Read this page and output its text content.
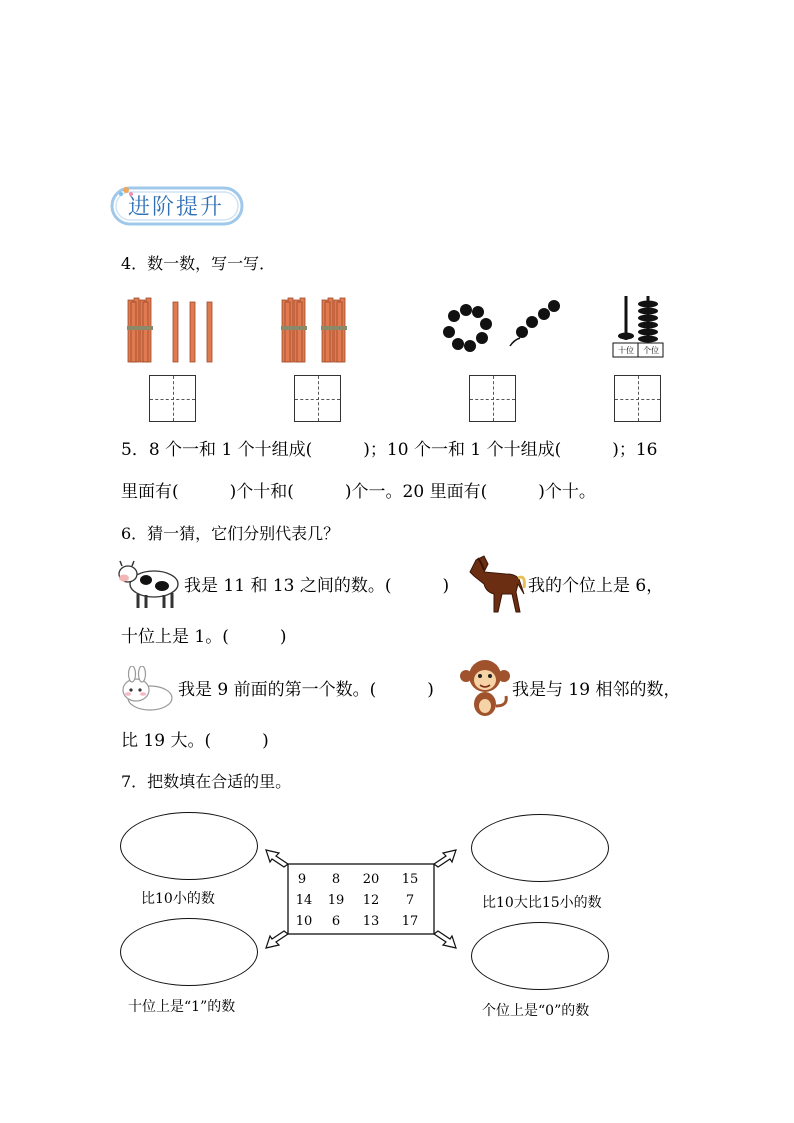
进阶提升
4．数一数，写一写．
十位	个位
5．8 个一和 1 个十组成(　　　)；10 个一和 1 个十组成(　　　)；16
里面有(　　　)个十和(　　　)个一。20 里面有(　　　)个十。
6．猜一猜，它们分别代表几？
我是 11 和 13 之间的数。(　　　)	我的个位上是 6，
十位上是 1。(　　　)
我是 9 前面的第一个数。(　　　)	我是与 19 相邻的数，
比 19 大。(　　　)
7．把数填在合适的里。
比10小的数	比10大比15小的数
十位上是“1”的数	个位上是“0”的数
9	8	20	15
14	19	12	7
10	6	13	17
